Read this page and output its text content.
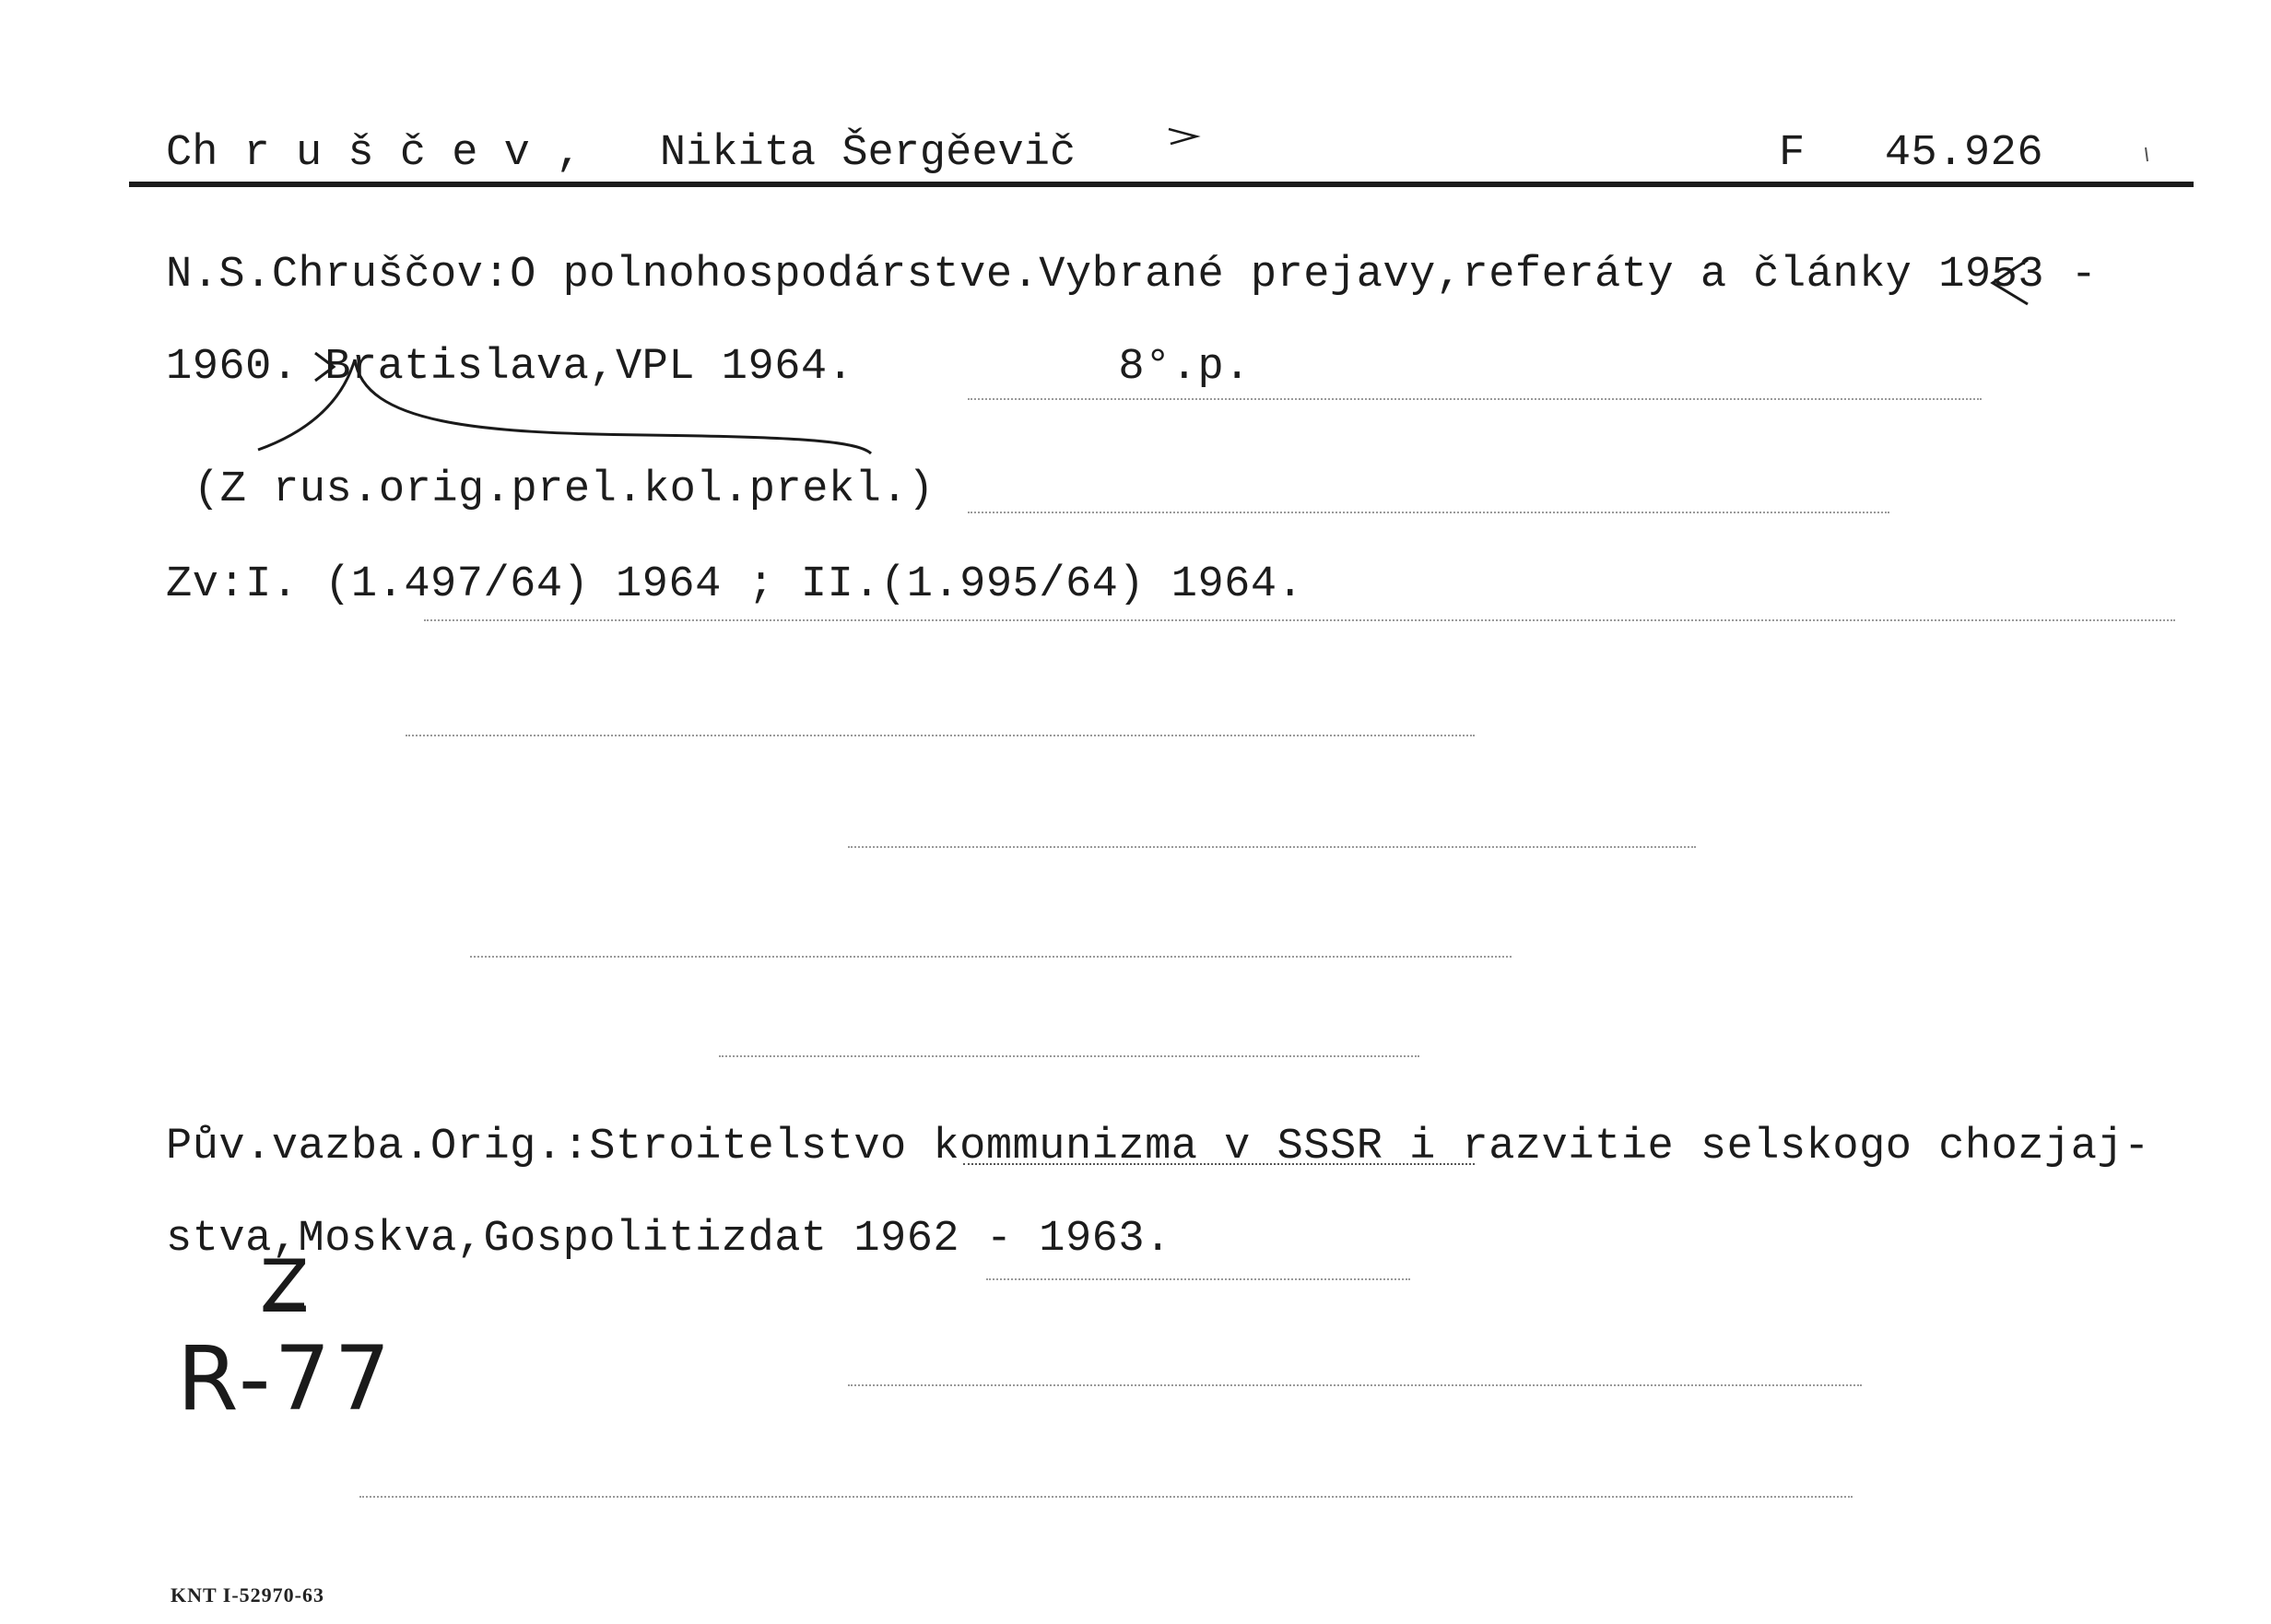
Ch r u š č e v ,   Nikita Šergěevič	F   45.926
N.S.Chruščov:O polnohospodárstve.Vybrané prejavy,referáty a články 1953 -
1960. Bratislava,VPL 1964.          8°.p.
(Z rus.orig.prel.kol.prekl.)
Zv:I. (1.497/64) 1964 ; II.(1.995/64) 1964.
Pův.vazba.Orig.:Stroitelstvo kommunizma v SSSR i razvitie selskogo chozjaj-
stva,Moskva,Gospolitizdat 1962 - 1963.
Z
R-77
KNT I-52970-63
